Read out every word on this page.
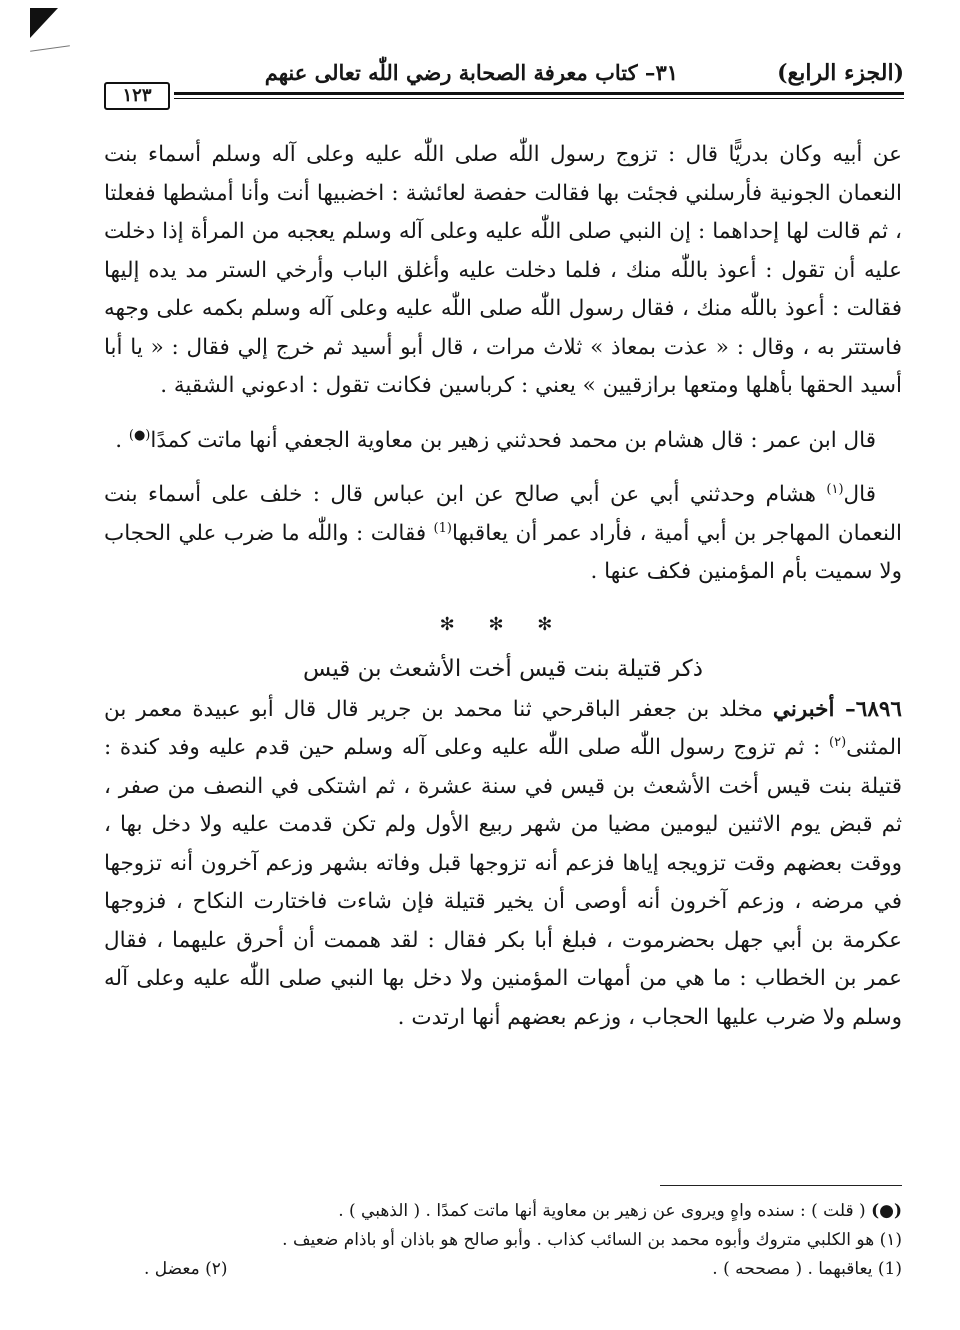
(الجزء الرابع)
٣١– كتاب معرفة الصحابة رضي اللّٰه تعالى عنهم
١٢٣

عن أبيه وكان بدريًّا قال : تزوج رسول اللّٰه صلى اللّٰه عليه وعلى آله وسلم أسماء بنت النعمان الجونية فأرسلني فجئت بها فقالت حفصة لعائشة : اخضبيها أنت وأنا أمشطها ففعلتا ، ثم قالت لها إحداهما : إن النبي صلى اللّٰه عليه وعلى آله وسلم يعجبه من المرأة إذا دخلت عليه أن تقول : أعوذ باللّٰه منك ، فلما دخلت عليه وأغلق الباب وأرخي الستر مد يده إليها فقالت : أعوذ باللّٰه منك ، فقال رسول اللّٰه صلى اللّٰه عليه وعلى آله وسلم بكمه على وجهه فاستتر به ، وقال : « عذت بمعاذ » ثلاث مرات ، قال أبو أسيد ثم خرج إلي فقال : « يا أبا أسيد الحقها بأهلها ومتعها برازقيين » يعني : كرباسين فكانت تقول : ادعوني الشقية .

قال ابن عمر : قال هشام بن محمد فحدثني زهير بن معاوية الجعفي أنها ماتت كمدًا(●) .

قال$^{(١)}$ هشام وحدثني أبي عن أبي صالح عن ابن عباس قال : خلف على أسماء بنت النعمان المهاجر بن أبي أمية ، فأراد عمر أن يعاقبها$^{(1)}$ فقالت : واللّٰه ما ضرب علي الحجاب ولا سميت بأم المؤمنين فكف عنها .

✻ ✻ ✻

ذكر قتيلة بنت قيس أخت الأشعث بن قيس

٦٨٩٦– أخبرني مخلد بن جعفر الباقرحي ثنا محمد بن جرير قال قال أبو عبيدة معمر بن المثنى$^{(٢)}$ : ثم تزوج رسول اللّٰه صلى اللّٰه عليه وعلى آله وسلم حين قدم عليه وفد كندة : قتيلة بنت قيس أخت الأشعث بن قيس في سنة عشرة ، ثم اشتكى في النصف من صفر ، ثم قبض يوم الاثنين ليومين مضيا من شهر ربيع الأول ولم تكن قدمت عليه ولا دخل بها ، ووقت بعضهم وقت تزويجه إياها فزعم أنه تزوجها قبل وفاته بشهر وزعم آخرون أنه تزوجها في مرضه ، وزعم آخرون أنه أوصى أن يخير قتيلة فإن شاءت فاختارت النكاح ، فزوجها عكرمة بن أبي جهل بحضرموت ، فبلغ أبا بكر فقال : لقد هممت أن أحرق عليهما ، فقال عمر بن الخطاب : ما هي من أمهات المؤمنين ولا دخل بها النبي صلى اللّٰه عليه وعلى آله وسلم ولا ضرب عليها الحجاب ، وزعم بعضهم أنها ارتدت .

(●) ( قلت ) : سنده واهٍ ويروى عن زهير بن معاوية أنها ماتت كمدًا . ( الذهبي ) .

(١) هو الكلبي متروك وأبوه محمد بن السائب كذاب . وأبو صالح هو باذان أو باذام ضعيف .

(1) يعاقبهما . ( مصححه ) .
(٢) معضل .
